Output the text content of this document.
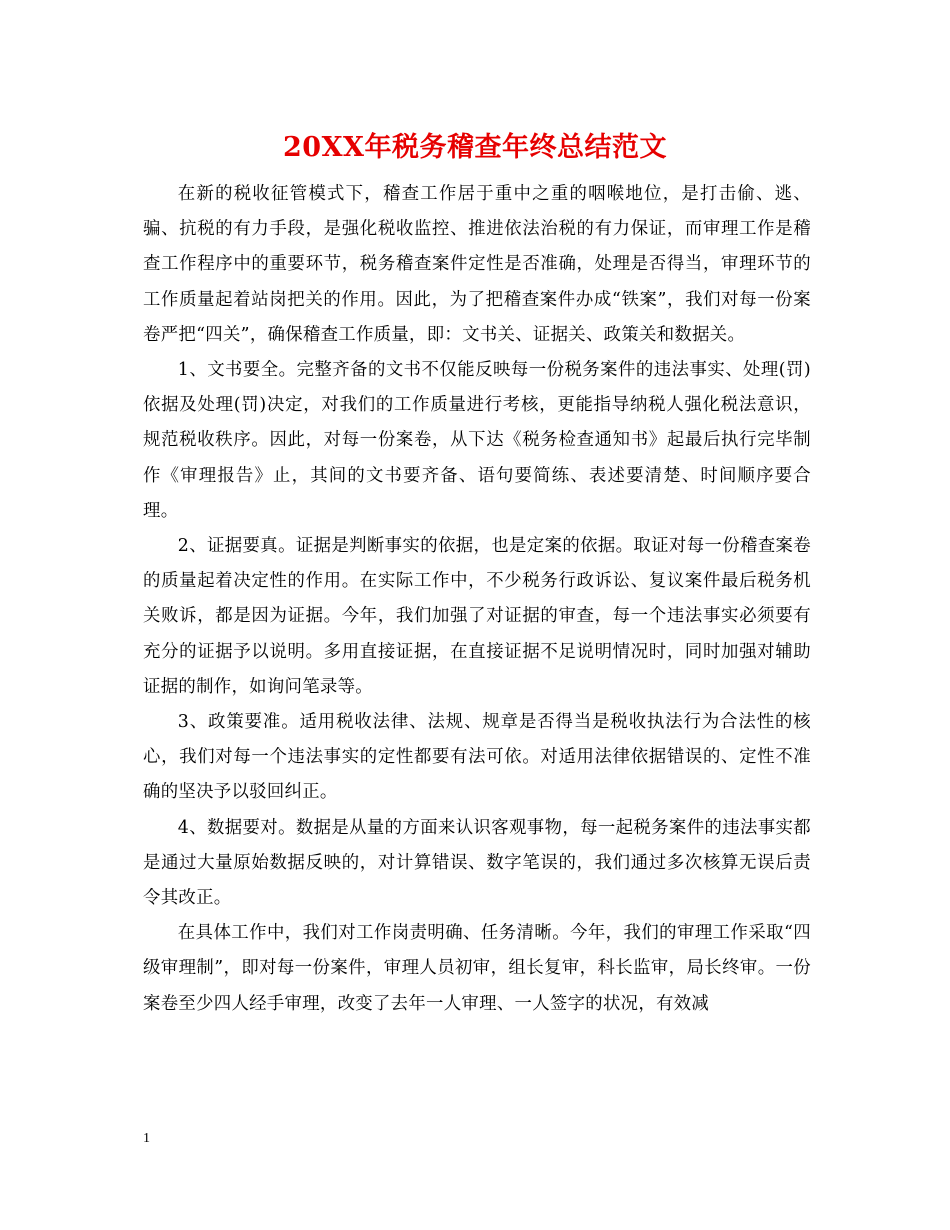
20XX年税务稽查年终总结范文

在新的税收征管模式下，稽查工作居于重中之重的咽喉地位，是打击偷、逃、骗、抗税的有力手段，是强化税收监控、推进依法治税的有力保证，而审理工作是稽查工作程序中的重要环节，税务稽查案件定性是否准确，处理是否得当，审理环节的工作质量起着站岗把关的作用。因此，为了把稽查案件办成“铁案”，我们对每一份案卷严把“四关”，确保稽查工作质量，即：文书关、证据关、政策关和数据关。

1、文书要全。完整齐备的文书不仅能反映每一份税务案件的违法事实、处理(罚)依据及处理(罚)决定，对我们的工作质量进行考核，更能指导纳税人强化税法意识，规范税收秩序。因此，对每一份案卷，从下达《税务检查通知书》起最后执行完毕制作《审理报告》止，其间的文书要齐备、语句要简练、表述要清楚、时间顺序要合理。

2、证据要真。证据是判断事实的依据，也是定案的依据。取证对每一份稽查案卷的质量起着决定性的作用。在实际工作中，不少税务行政诉讼、复议案件最后税务机关败诉，都是因为证据。今年，我们加强了对证据的审查，每一个违法事实必须要有充分的证据予以说明。多用直接证据，在直接证据不足说明情况时，同时加强对辅助证据的制作，如询问笔录等。

3、政策要准。适用税收法律、法规、规章是否得当是税收执法行为合法性的核心，我们对每一个违法事实的定性都要有法可依。对适用法律依据错误的、定性不准确的坚决予以驳回纠正。

4、数据要对。数据是从量的方面来认识客观事物，每一起税务案件的违法事实都是通过大量原始数据反映的，对计算错误、数字笔误的，我们通过多次核算无误后责令其改正。

在具体工作中，我们对工作岗责明确、任务清晰。今年，我们的审理工作采取“四级审理制”，即对每一份案件，审理人员初审，组长复审，科长监审，局长终审。一份案卷至少四人经手审理，改变了去年一人审理、一人签字的状况，有效减

1
